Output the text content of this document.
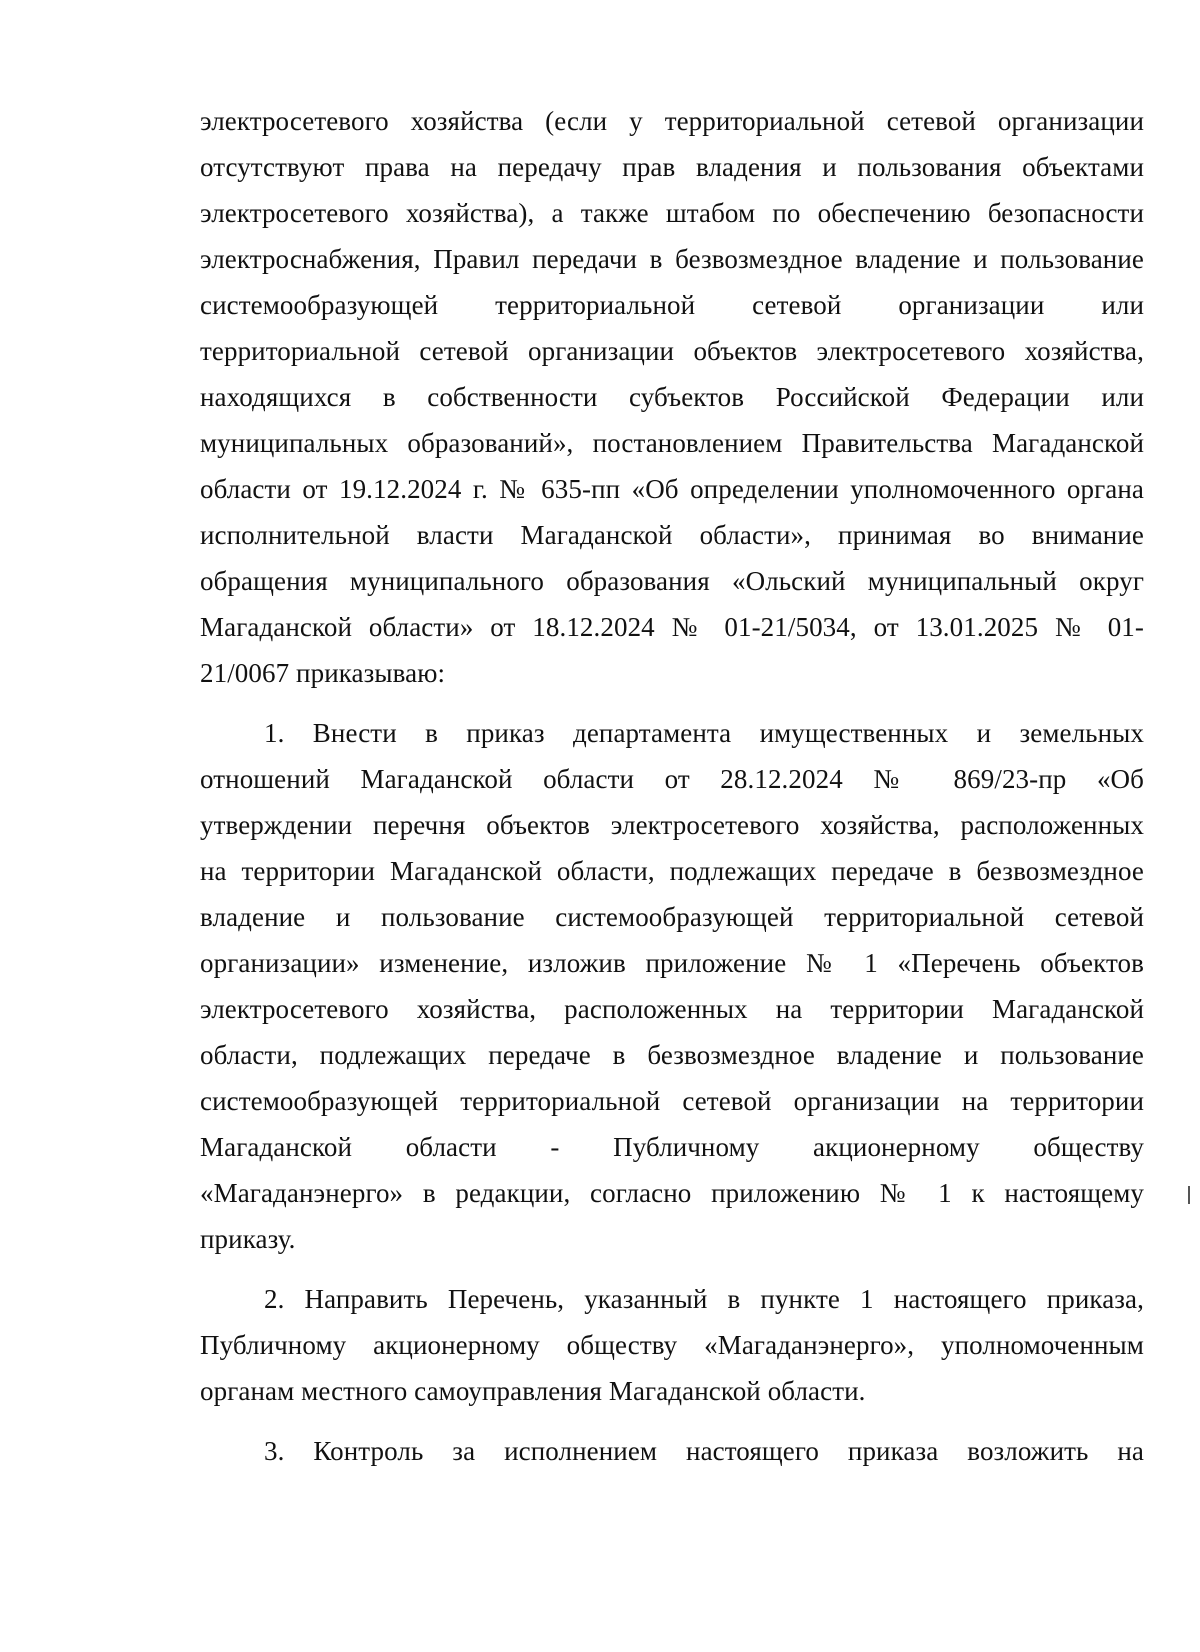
электросетевого хозяйства (если у территориальной сетевой организации
отсутствуют права на передачу прав владения и пользования объектами
электросетевого хозяйства), а также штабом по обеспечению безопасности
электроснабжения, Правил передачи в безвозмездное владение и пользование
системообразующей территориальной сетевой организации или
территориальной сетевой организации объектов электросетевого хозяйства,
находящихся в собственности субъектов Российской Федерации или
муниципальных образований», постановлением Правительства Магаданской
области от 19.12.2024 г. № 635-пп «Об определении уполномоченного органа
исполнительной власти Магаданской области», принимая во внимание
обращения муниципального образования «Ольский муниципальный округ
Магаданской области» от 18.12.2024 № 01-21/5034, от 13.01.2025 № 01-
21/0067 приказываю:
1. Внести в приказ департамента имущественных и земельных
отношений Магаданской области от 28.12.2024 № 869/23-пр «Об
утверждении перечня объектов электросетевого хозяйства, расположенных
на территории Магаданской области, подлежащих передаче в безвозмездное
владение и пользование системообразующей территориальной сетевой
организации» изменение, изложив приложение № 1 «Перечень объектов
электросетевого хозяйства, расположенных на территории Магаданской
области, подлежащих передаче в безвозмездное владение и пользование
системообразующей территориальной сетевой организации на территории
Магаданской области - Публичному акционерному обществу
«Магаданэнерго» в редакции, согласно приложению № 1 к настоящему
приказу.
2. Направить Перечень, указанный в пункте 1 настоящего приказа,
Публичному акционерному обществу «Магаданэнерго», уполномоченным
органам местного самоуправления Магаданской области.
3. Контроль за исполнением настоящего приказа возложить на
